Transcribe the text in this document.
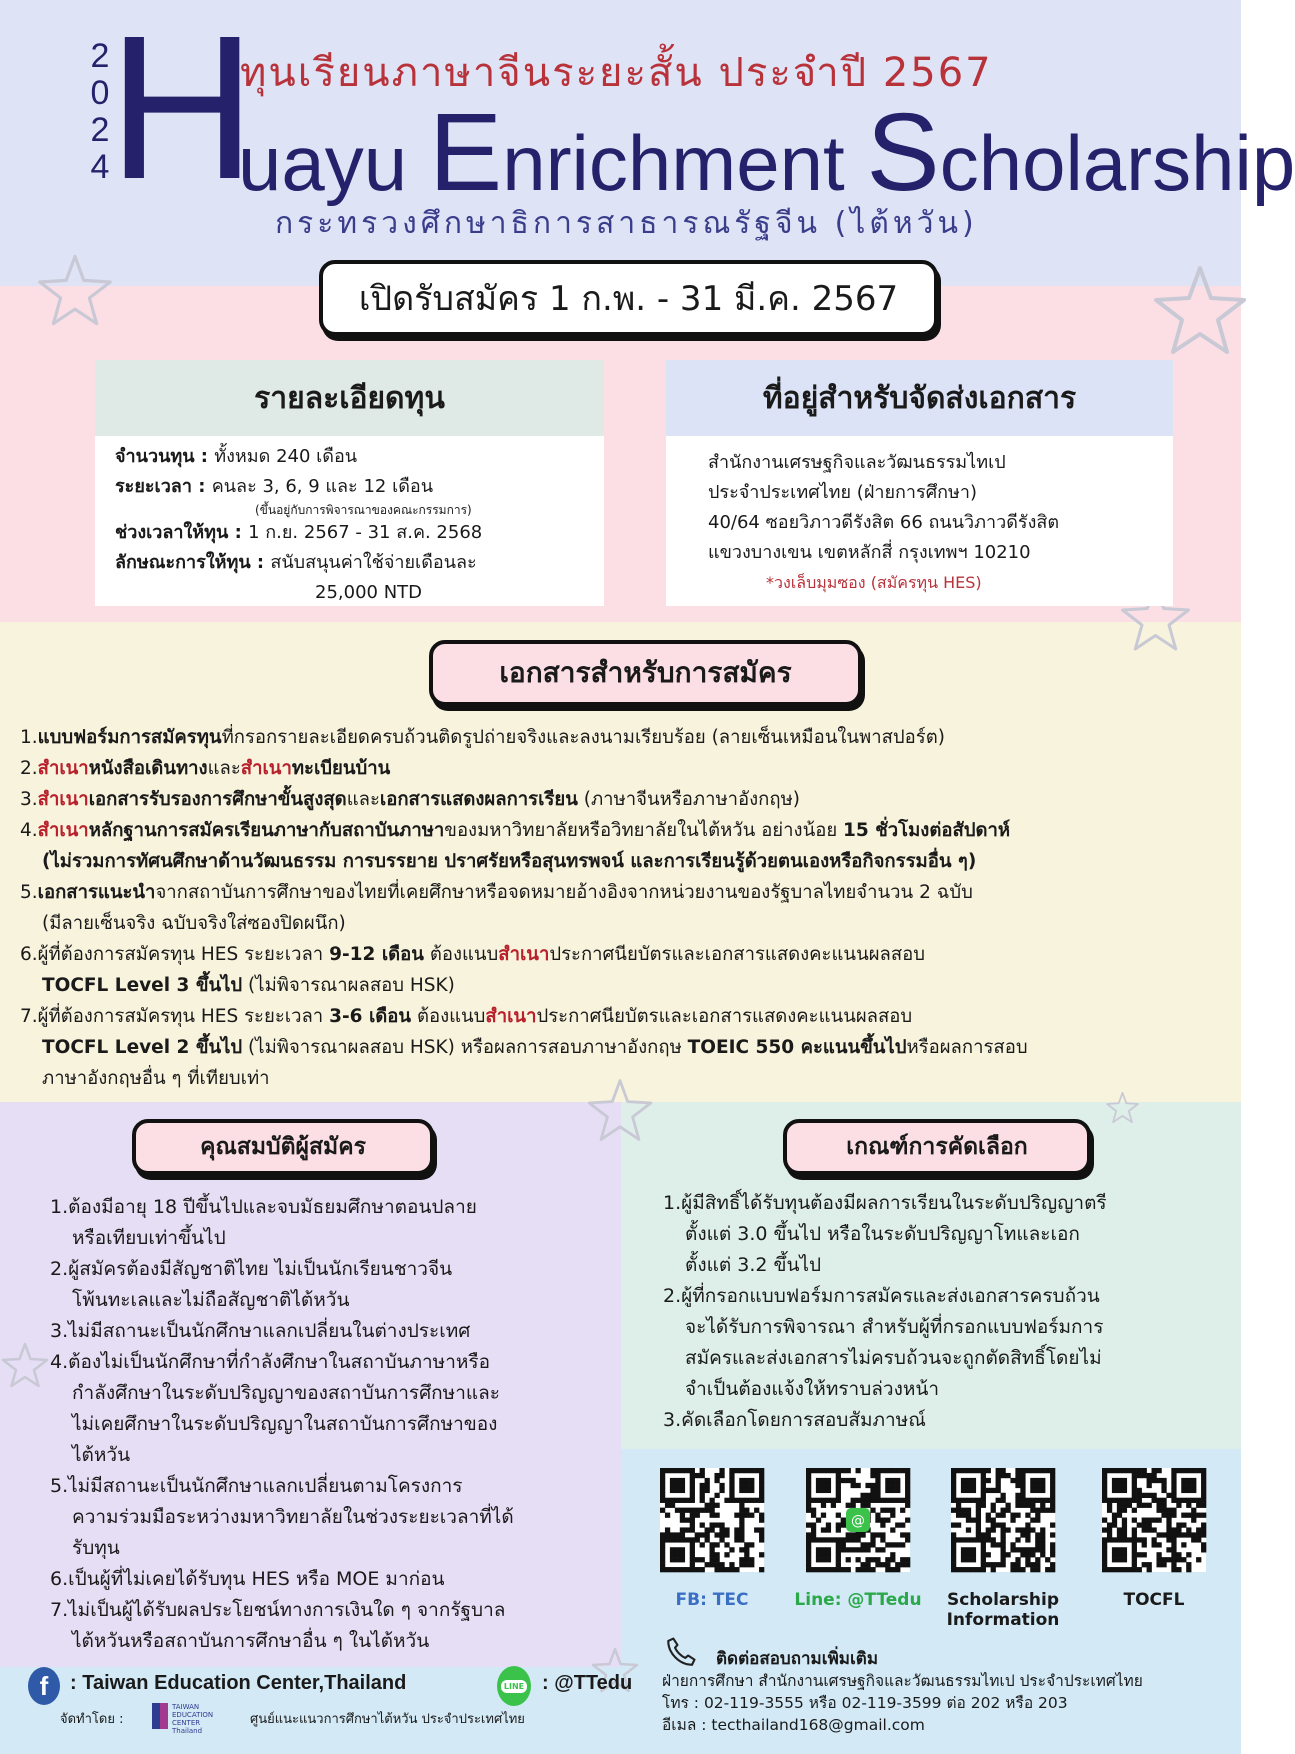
2
0
2
4
H
ทุนเรียนภาษาจีนระยะสั้น ประจำปี 2567
uayu Enrichment Scholarship
กระทรวงศึกษาธิการสาธารณรัฐจีน (ไต้หวัน)
เปิดรับสมัคร 1 ก.พ. - 31 มี.ค. 2567
รายละเอียดทุน
จำนวนทุน : ทั้งหมด 240 เดือน
ระยะเวลา : คนละ 3, 6, 9 และ 12 เดือน
(ขึ้นอยู่กับการพิจารณาของคณะกรรมการ)
ช่วงเวลาให้ทุน : 1 ก.ย. 2567 - 31 ส.ค. 2568
ลักษณะการให้ทุน : สนับสนุนค่าใช้จ่ายเดือนละ
25,000 NTD
ที่อยู่สำหรับจัดส่งเอกสาร
สำนักงานเศรษฐกิจและวัฒนธรรมไทเป
ประจำประเทศไทย (ฝ่ายการศึกษา)
40/64 ซอยวิภาวดีรังสิต 66 ถนนวิภาวดีรังสิต
แขวงบางเขน เขตหลักสี่ กรุงเทพฯ 10210
*วงเล็บมุมซอง (สมัครทุน HES)
เอกสารสำหรับการสมัคร
1.แบบฟอร์มการสมัครทุนที่กรอกรายละเอียดครบถ้วนติดรูปถ่ายจริงและลงนามเรียบร้อย (ลายเซ็นเหมือนในพาสปอร์ต)
2.สำเนาหนังสือเดินทางและสำเนาทะเบียนบ้าน
3.สำเนาเอกสารรับรองการศึกษาขั้นสูงสุดและเอกสารแสดงผลการเรียน (ภาษาจีนหรือภาษาอังกฤษ)
4.สำเนาหลักฐานการสมัครเรียนภาษากับสถาบันภาษาของมหาวิทยาลัยหรือวิทยาลัยในไต้หวัน อย่างน้อย 15 ชั่วโมงต่อสัปดาห์
(ไม่รวมการทัศนศึกษาด้านวัฒนธรรม การบรรยาย ปราศรัยหรือสุนทรพจน์ และการเรียนรู้ด้วยตนเองหรือกิจกรรมอื่น ๆ)
5.เอกสารแนะนำจากสถาบันการศึกษาของไทยที่เคยศึกษาหรือจดหมายอ้างอิงจากหน่วยงานของรัฐบาลไทยจำนวน 2 ฉบับ
(มีลายเซ็นจริง ฉบับจริงใส่ซองปิดผนึก)
6.ผู้ที่ต้องการสมัครทุน HES ระยะเวลา 9-12 เดือน ต้องแนบสำเนาประกาศนียบัตรและเอกสารแสดงคะแนนผลสอบ
TOCFL Level 3 ขึ้นไป (ไม่พิจารณาผลสอบ HSK)
7.ผู้ที่ต้องการสมัครทุน HES ระยะเวลา 3-6 เดือน ต้องแนบสำเนาประกาศนียบัตรและเอกสารแสดงคะแนนผลสอบ
TOCFL Level 2 ขึ้นไป (ไม่พิจารณาผลสอบ HSK) หรือผลการสอบภาษาอังกฤษ TOEIC 550 คะแนนขึ้นไปหรือผลการสอบ
ภาษาอังกฤษอื่น ๆ ที่เทียบเท่า
คุณสมบัติผู้สมัคร
1.ต้องมีอายุ 18 ปีขึ้นไปและจบมัธยมศึกษาตอนปลาย
หรือเทียบเท่าขึ้นไป
2.ผู้สมัครต้องมีสัญชาติไทย ไม่เป็นนักเรียนชาวจีน
โพ้นทะเลและไม่ถือสัญชาติไต้หวัน
3.ไม่มีสถานะเป็นนักศึกษาแลกเปลี่ยนในต่างประเทศ
4.ต้องไม่เป็นนักศึกษาที่กำลังศึกษาในสถาบันภาษาหรือ
กำลังศึกษาในระดับปริญญาของสถาบันการศึกษาและ
ไม่เคยศึกษาในระดับปริญญาในสถาบันการศึกษาของ
ไต้หวัน
5.ไม่มีสถานะเป็นนักศึกษาแลกเปลี่ยนตามโครงการ
ความร่วมมือระหว่างมหาวิทยาลัยในช่วงระยะเวลาที่ได้
รับทุน
6.เป็นผู้ที่ไม่เคยได้รับทุน HES หรือ MOE มาก่อน
7.ไม่เป็นผู้ได้รับผลประโยชน์ทางการเงินใด ๆ จากรัฐบาล
ไต้หวันหรือสถาบันการศึกษาอื่น ๆ ในไต้หวัน
เกณฑ์การคัดเลือก
1.ผู้มีสิทธิ์ได้รับทุนต้องมีผลการเรียนในระดับปริญญาตรี
ตั้งแต่ 3.0 ขึ้นไป หรือในระดับปริญญาโทและเอก
ตั้งแต่ 3.2 ขึ้นไป
2.ผู้ที่กรอกแบบฟอร์มการสมัครและส่งเอกสารครบถ้วน
จะได้รับการพิจารณา สำหรับผู้ที่กรอกแบบฟอร์มการ
สมัครและส่งเอกสารไม่ครบถ้วนจะถูกตัดสิทธิ์โดยไม่
จำเป็นต้องแจ้งให้ทราบล่วงหน้า
3.คัดเลือกโดยการสอบสัมภาษณ์
FB: TEC
@
Line: @TTedu	Scholarship Information
TOCFL
ติดต่อสอบถามเพิ่มเติม
ฝ่ายการศึกษา สำนักงานเศรษฐกิจและวัฒนธรรมไทเป ประจำประเทศไทย
โทร : 02-119-3555 หรือ 02-119-3599 ต่อ 202 หรือ 203
อีเมล : tecthailand168@gmail.com
f	: Taiwan Education Center,Thailand	LINE : @TTedu
จัดทำโดย :
TAIWAN EDUCATION CENTER Thailand
ศูนย์แนะแนวการศึกษาไต้หวัน ประจำประเทศไทย
